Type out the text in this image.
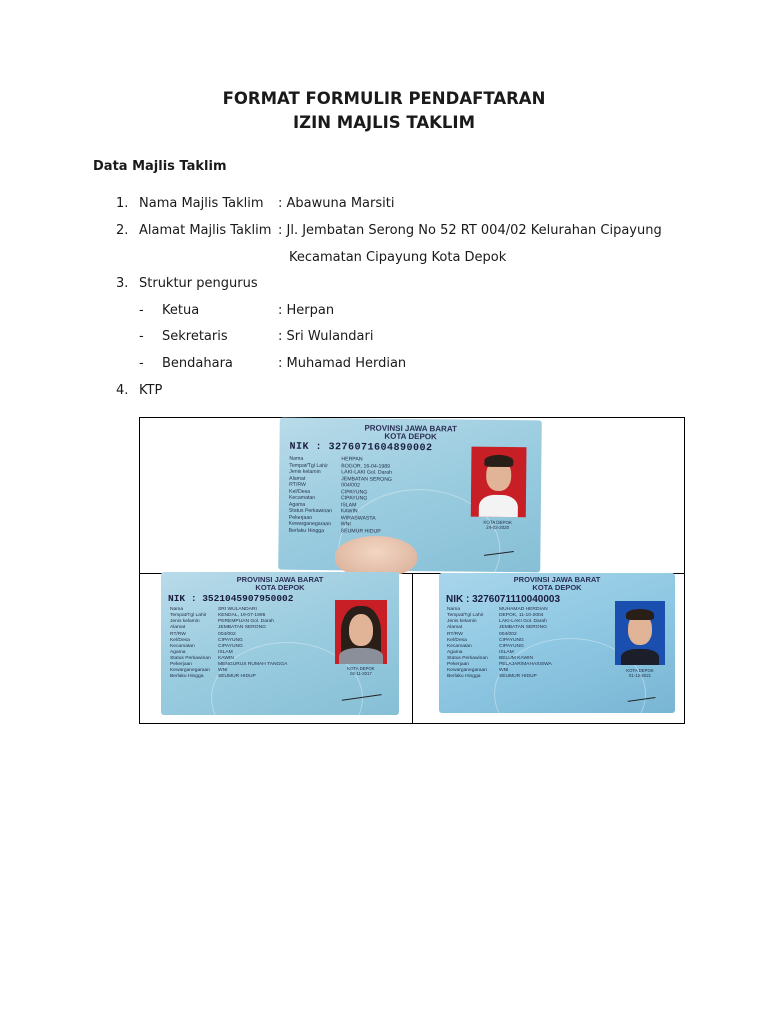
FORMAT FORMULIR PENDAFTARAN
IZIN MAJLIS TAKLIM
Data Majlis Taklim
1. Nama Majlis Taklim : Abawuna Marsiti
2. Alamat Majlis Taklim : Jl. Jembatan Serong No 52 RT 004/02 Kelurahan Cipayung
Kecamatan Cipayung Kota Depok
3. Struktur pengurus
- Ketua	: Herpan
- Sekretaris	: Sri Wulandari
- Bendahara	: Muhamad Herdian
4. KTP
PROVINSI JAWA BARAT
KOTA DEPOK
NIK : 3276071604890002
Nama	HERPAN
Tempat/Tgl Lahir	BOGOR, 16-04-1989
Jenis kelamin	LAKI-LAKI Gol. Darah
Alamat	JEMBATAN SERONG
RT/RW	004/002
Kel/Desa	CIPAYUNG
Kecamatan	CIPAYUNG
Agama	ISLAM
Status Perkawinan KAWIN
Pekerjaan	WIRASWASTA
Kewarganegaraan WNI
Berlaku Hingga	SEUMUR HIDUP
KOTA DEPOK
24-03-2020
PROVINSI JAWA BARAT
KOTA DEPOK
NIK : 3521045907950002
Nama	SRI WULANDARI
Tempat/Tgl Lahir KENDAL, 19-07-1995
Jenis kelamin	PEREMPUAN Gol. Darah
Alamat	JEMBATAN SERONG
RT/RW	004/002
Kel/Desa	CIPAYUNG
Kecamatan	CIPAYUNG
Agama	ISLAM
Status Perkawinan KAWIN
Pekerjaan	MENGURUS RUMAH TANGGA
Kewarganegaraan WNI
Berlaku Hingga	SEUMUR HIDUP
KOTA DEPOK
02-11-2017
PROVINSI JAWA BARAT
KOTA DEPOK
NIK : 3276071110040003
Nama	MUHAMAD HERDIAN
Tempat/Tgl Lahir	DEPOK, 11-10-2004
Jenis kelamin	LAKI-LAKI Gol. Darah
Alamat	JEMBATAN SERONG
RT/RW	004/002
Kel/Desa	CIPAYUNG
Kecamatan	CIPAYUNG
Agama	ISLAM
Status Perkawinan BELUM KAWIN
Pekerjaan	PELAJAR/MAHASISWA
Kewarganegaraan WNI
Berlaku Hingga	SEUMUR HIDUP
KOTA DEPOK
01-12-2021
